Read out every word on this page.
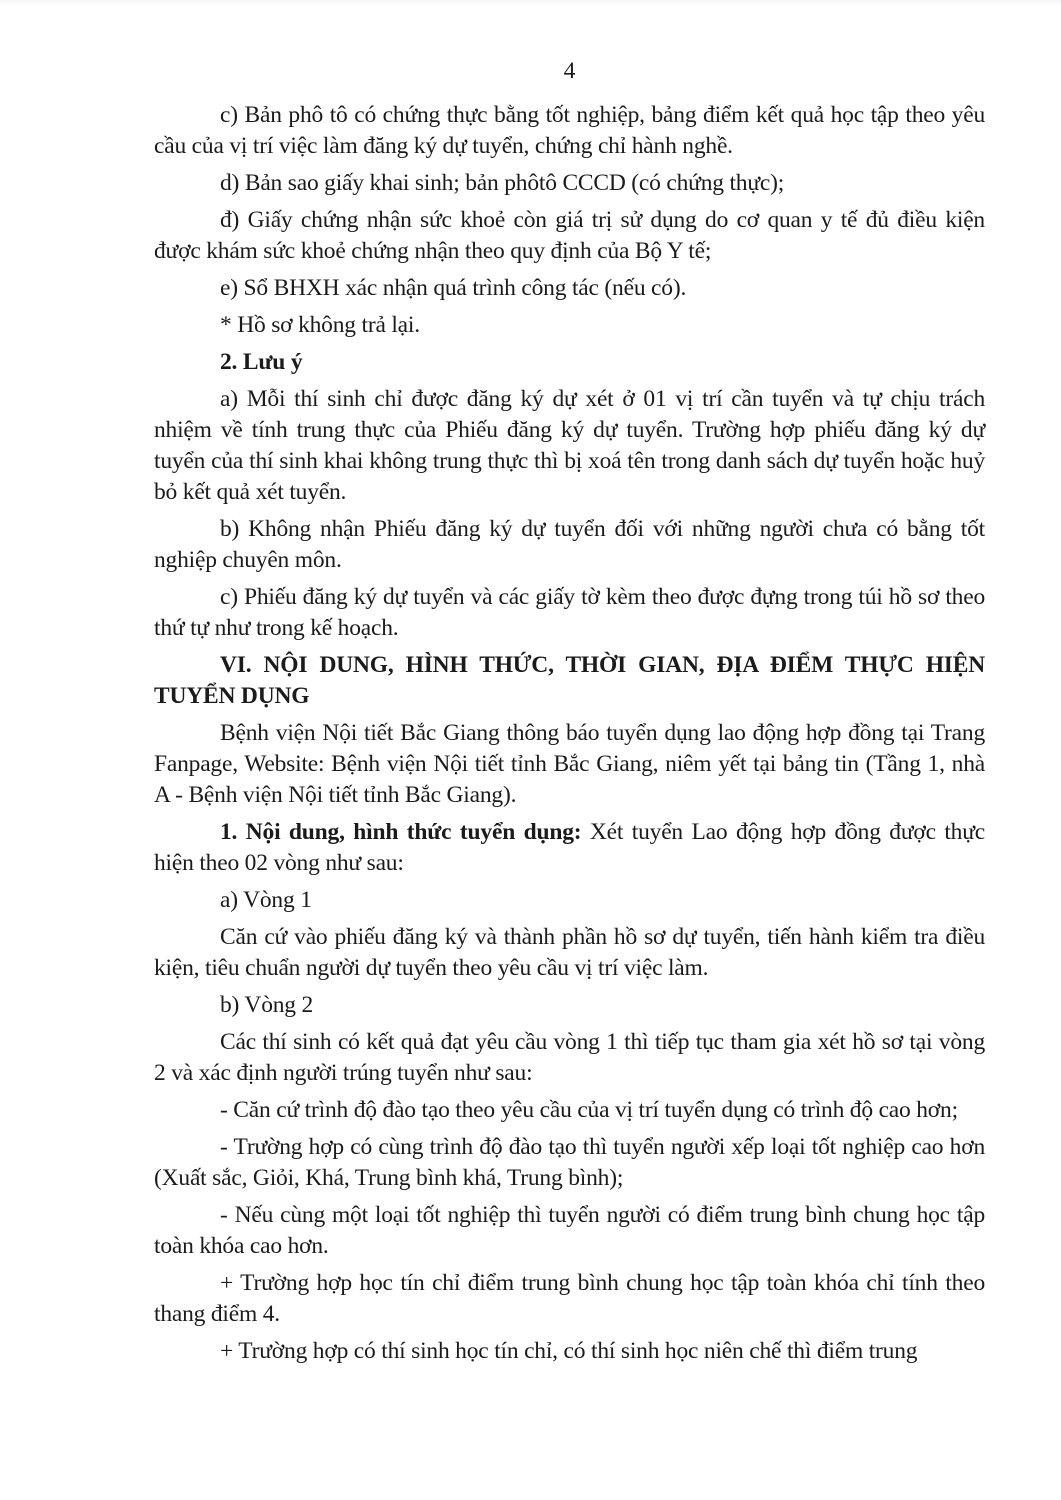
4

c) Bản phô tô có chứng thực bằng tốt nghiệp, bảng điểm kết quả học tập theo yêu cầu của vị trí việc làm đăng ký dự tuyển, chứng chỉ hành nghề.

d) Bản sao giấy khai sinh; bản phôtô CCCD (có chứng thực);

đ) Giấy chứng nhận sức khoẻ còn giá trị sử dụng do cơ quan y tế đủ điều kiện được khám sức khoẻ chứng nhận theo quy định của Bộ Y tế;

e) Sổ BHXH xác nhận quá trình công tác (nếu có).

* Hồ sơ không trả lại.

2. Lưu ý

a) Mỗi thí sinh chỉ được đăng ký dự xét ở 01 vị trí cần tuyển và tự chịu trách nhiệm về tính trung thực của Phiếu đăng ký dự tuyển. Trường hợp phiếu đăng ký dự tuyển của thí sinh khai không trung thực thì bị xoá tên trong danh sách dự tuyển hoặc huỷ bỏ kết quả xét tuyển.

b) Không nhận Phiếu đăng ký dự tuyển đối với những người chưa có bằng tốt nghiệp chuyên môn.

c) Phiếu đăng ký dự tuyển và các giấy tờ kèm theo được đựng trong túi hồ sơ theo thứ tự như trong kế hoạch.

VI. NỘI DUNG, HÌNH THỨC, THỜI GIAN, ĐỊA ĐIỂM THỰC HIỆN TUYỂN DỤNG

Bệnh viện Nội tiết Bắc Giang thông báo tuyển dụng lao động hợp đồng tại Trang Fanpage, Website: Bệnh viện Nội tiết tỉnh Bắc Giang, niêm yết tại bảng tin (Tầng 1, nhà A - Bệnh viện Nội tiết tỉnh Bắc Giang).

1. Nội dung, hình thức tuyển dụng: Xét tuyển Lao động hợp đồng được thực hiện theo 02 vòng như sau:

a) Vòng 1

Căn cứ vào phiếu đăng ký và thành phần hồ sơ dự tuyển, tiến hành kiểm tra điều kiện, tiêu chuẩn người dự tuyển theo yêu cầu vị trí việc làm.

b) Vòng 2

Các thí sinh có kết quả đạt yêu cầu vòng 1 thì tiếp tục tham gia xét hồ sơ tại vòng 2 và xác định người trúng tuyển như sau:

- Căn cứ trình độ đào tạo theo yêu cầu của vị trí tuyển dụng có trình độ cao hơn;

- Trường hợp có cùng trình độ đào tạo thì tuyển người xếp loại tốt nghiệp cao hơn (Xuất sắc, Giỏi, Khá, Trung bình khá, Trung bình);

- Nếu cùng một loại tốt nghiệp thì tuyển người có điểm trung bình chung học tập toàn khóa cao hơn.

+ Trường hợp học tín chỉ điểm trung bình chung học tập toàn khóa chỉ tính theo thang điểm 4.

+ Trường hợp có thí sinh học tín chỉ, có thí sinh học niên chế thì điểm trung
